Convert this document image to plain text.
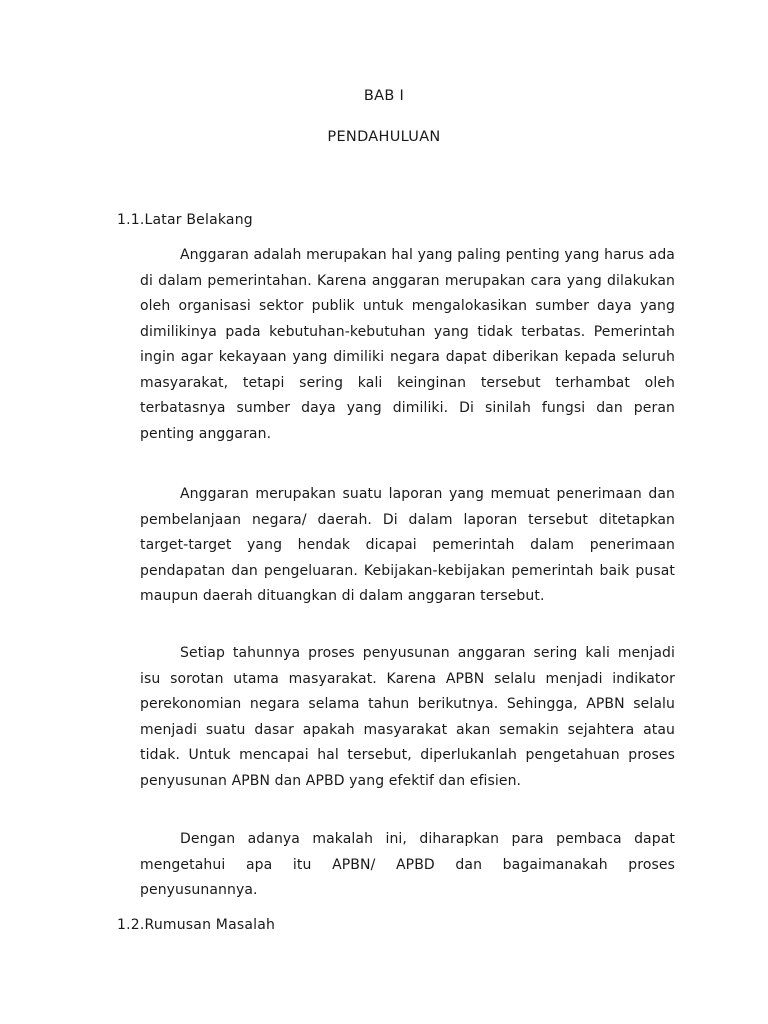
BAB I

PENDAHULUAN

1.1.Latar Belakang

Anggaran adalah merupakan hal yang paling penting yang harus ada di dalam pemerintahan. Karena anggaran merupakan cara yang dilakukan oleh organisasi sektor publik untuk mengalokasikan sumber daya yang dimilikinya pada kebutuhan-kebutuhan yang tidak terbatas. Pemerintah ingin agar kekayaan yang dimiliki negara dapat diberikan kepada seluruh masyarakat, tetapi sering kali keinginan tersebut terhambat oleh terbatasnya sumber daya yang dimiliki. Di sinilah fungsi dan peran penting anggaran.

Anggaran merupakan suatu laporan yang memuat penerimaan dan pembelanjaan negara/ daerah. Di dalam laporan tersebut ditetapkan target-target yang hendak dicapai pemerintah dalam penerimaan pendapatan dan pengeluaran. Kebijakan-kebijakan pemerintah baik pusat maupun daerah dituangkan di dalam anggaran tersebut.

Setiap tahunnya proses penyusunan anggaran sering kali menjadi isu sorotan utama masyarakat. Karena APBN selalu menjadi indikator perekonomian negara selama tahun berikutnya. Sehingga, APBN selalu menjadi suatu dasar apakah masyarakat akan semakin sejahtera atau tidak. Untuk mencapai hal tersebut, diperlukanlah pengetahuan proses penyusunan APBN dan APBD yang efektif dan efisien.

Dengan adanya makalah ini, diharapkan para pembaca dapat mengetahui apa itu APBN/ APBD dan bagaimanakah proses penyusunannya.

1.2.Rumusan Masalah
